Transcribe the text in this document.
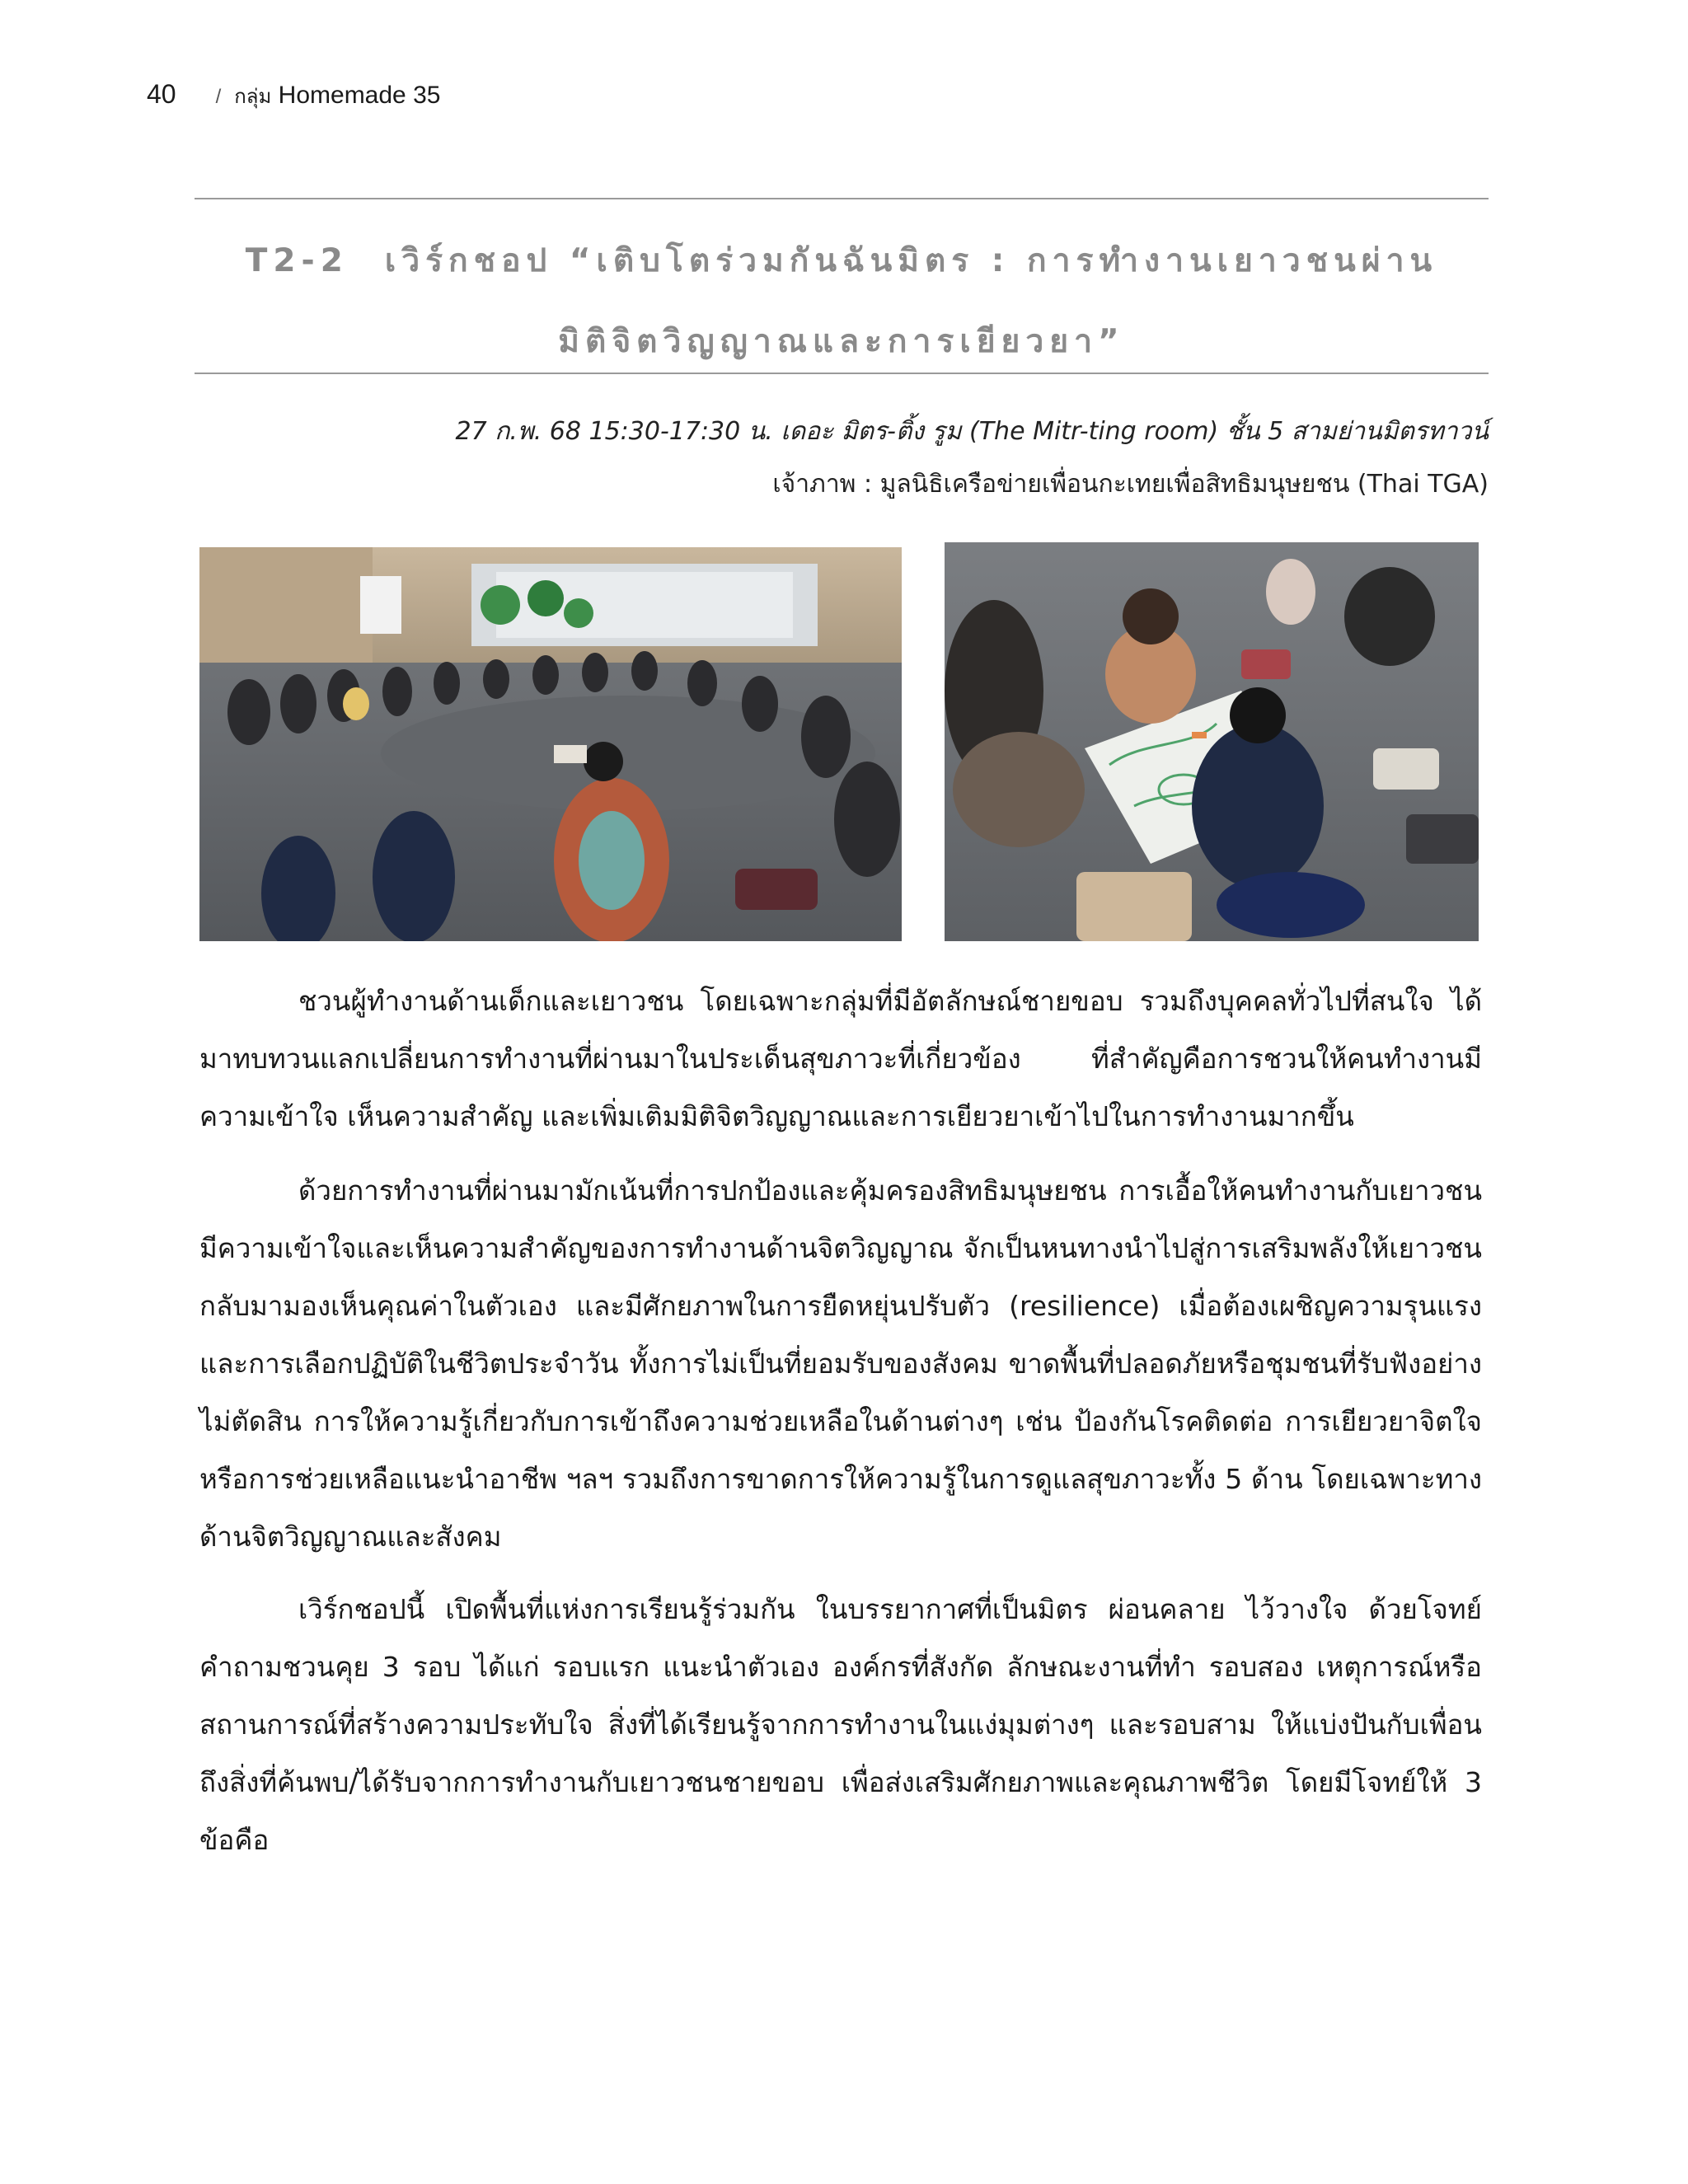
40 / กลุ่ม Homemade 35
T2-2 เวิร์กชอป “เติบโตร่วมกันฉันมิตร : การทำงานเยาวชนผ่าน
มิติจิตวิญญาณและการเยียวยา”
27 ก.พ. 68 15:30-17:30 น. เดอะ มิตร-ติ้ง รูม (The Mitr-ting room) ชั้น 5 สามย่านมิตรทาวน์
เจ้าภาพ : มูลนิธิเครือข่ายเพื่อนกะเทยเพื่อสิทธิมนุษยชน (Thai TGA)

ชวนผู้ทำงานด้านเด็กและเยาวชน โดยเฉพาะกลุ่มที่มีอัตลักษณ์ชายขอบ รวมถึงบุคคลทั่วไปที่สนใจ ได้มาทบทวนแลกเปลี่ยนการทำงานที่ผ่านมาในประเด็นสุขภาวะที่เกี่ยวข้อง ที่สำคัญคือการชวนให้คนทำงานมีความเข้าใจ เห็นความสำคัญ และเพิ่มเติมมิติจิตวิญญาณและการเยียวยาเข้าไปในการทำงานมากขึ้น

ด้วยการทำงานที่ผ่านมามักเน้นที่การปกป้องและคุ้มครองสิทธิมนุษยชน การเอื้อให้คนทำงานกับเยาวชนมีความเข้าใจและเห็นความสำคัญของการทำงานด้านจิตวิญญาณ จักเป็นหนทางนำไปสู่การเสริมพลังให้เยาวชนกลับมามองเห็นคุณค่าในตัวเอง และมีศักยภาพในการยืดหยุ่นปรับตัว (resilience) เมื่อต้องเผชิญความรุนแรงและการเลือกปฏิบัติในชีวิตประจำวัน ทั้งการไม่เป็นที่ยอมรับของสังคม ขาดพื้นที่ปลอดภัยหรือชุมชนที่รับฟังอย่างไม่ตัดสิน การให้ความรู้เกี่ยวกับการเข้าถึงความช่วยเหลือในด้านต่างๆ เช่น ป้องกันโรคติดต่อ การเยียวยาจิตใจ หรือการช่วยเหลือแนะนำอาชีพ ฯลฯ รวมถึงการขาดการให้ความรู้ในการดูแลสุขภาวะทั้ง 5 ด้าน โดยเฉพาะทางด้านจิตวิญญาณและสังคม

เวิร์กชอปนี้ เปิดพื้นที่แห่งการเรียนรู้ร่วมกัน ในบรรยากาศที่เป็นมิตร ผ่อนคลาย ไว้วางใจ ด้วยโจทย์คำถามชวนคุย 3 รอบ ได้แก่ รอบแรก แนะนำตัวเอง องค์กรที่สังกัด ลักษณะงานที่ทำ รอบสอง เหตุการณ์หรือสถานการณ์ที่สร้างความประทับใจ สิ่งที่ได้เรียนรู้จากการทำงานในแง่มุมต่างๆ และรอบสาม ให้แบ่งปันกับเพื่อนถึงสิ่งที่ค้นพบ/ได้รับจากการทำงานกับเยาวชนชายขอบ เพื่อส่งเสริมศักยภาพและคุณภาพชีวิต โดยมีโจทย์ให้ 3 ข้อคือ
